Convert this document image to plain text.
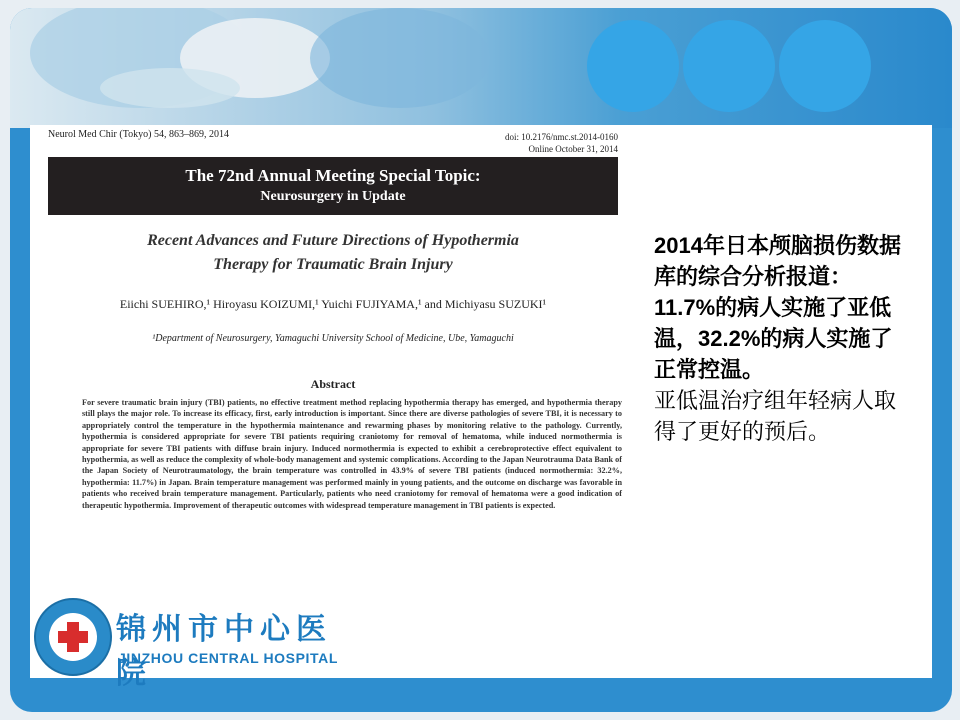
Neurol Med Chir (Tokyo) 54, 863–869, 2014	doi: 10.2176/nmc.st.2014-0160
Online October 31, 2014
The 72nd Annual Meeting Special Topic:
Neurosurgery in Update
Recent Advances and Future Directions of Hypothermia
Therapy for Traumatic Brain Injury
Eiichi SUEHIRO,¹ Hiroyasu KOIZUMI,¹ Yuichi FUJIYAMA,¹ and Michiyasu SUZUKI¹
¹Department of Neurosurgery, Yamaguchi University School of Medicine, Ube, Yamaguchi
Abstract
For severe traumatic brain injury (TBI) patients, no effective treatment method replacing hypothermia therapy has emerged, and hypothermia therapy still plays the major role. To increase its efficacy, first, early introduction is important. Since there are diverse pathologies of severe TBI, it is necessary to appropriately control the temperature in the hypothermia maintenance and rewarming phases by monitoring relative to the pathology. Currently, hypothermia is considered appropriate for severe TBI patients requiring craniotomy for removal of hematoma, while induced normothermia is appropriate for severe TBI patients with diffuse brain injury. Induced normothermia is expected to exhibit a cerebroprotective effect equivalent to hypothermia, as well as reduce the complexity of whole-body management and systemic complications. According to the Japan Neurotrauma Data Bank of the Japan Society of Neurotraumatology, the brain temperature was controlled in 43.9% of severe TBI patients (induced normothermia: 32.2%, hypothermia: 11.7%) in Japan. Brain temperature management was performed mainly in young patients, and the outcome on discharge was favorable in patients who received brain temperature management. Particularly, patients who need craniotomy for removal of hematoma were a good indication of therapeutic hypothermia. Improvement of therapeutic outcomes with widespread temperature management in TBI patients is expected.

2014年日本颅脑损伤数据库的综合分析报道：11.7%的病人实施了亚低温，32.2%的病人实施了正常控温。

亚低温治疗组年轻病人取得了更好的预后。

锦州市中心医院
JINZHOU CENTRAL HOSPITAL
